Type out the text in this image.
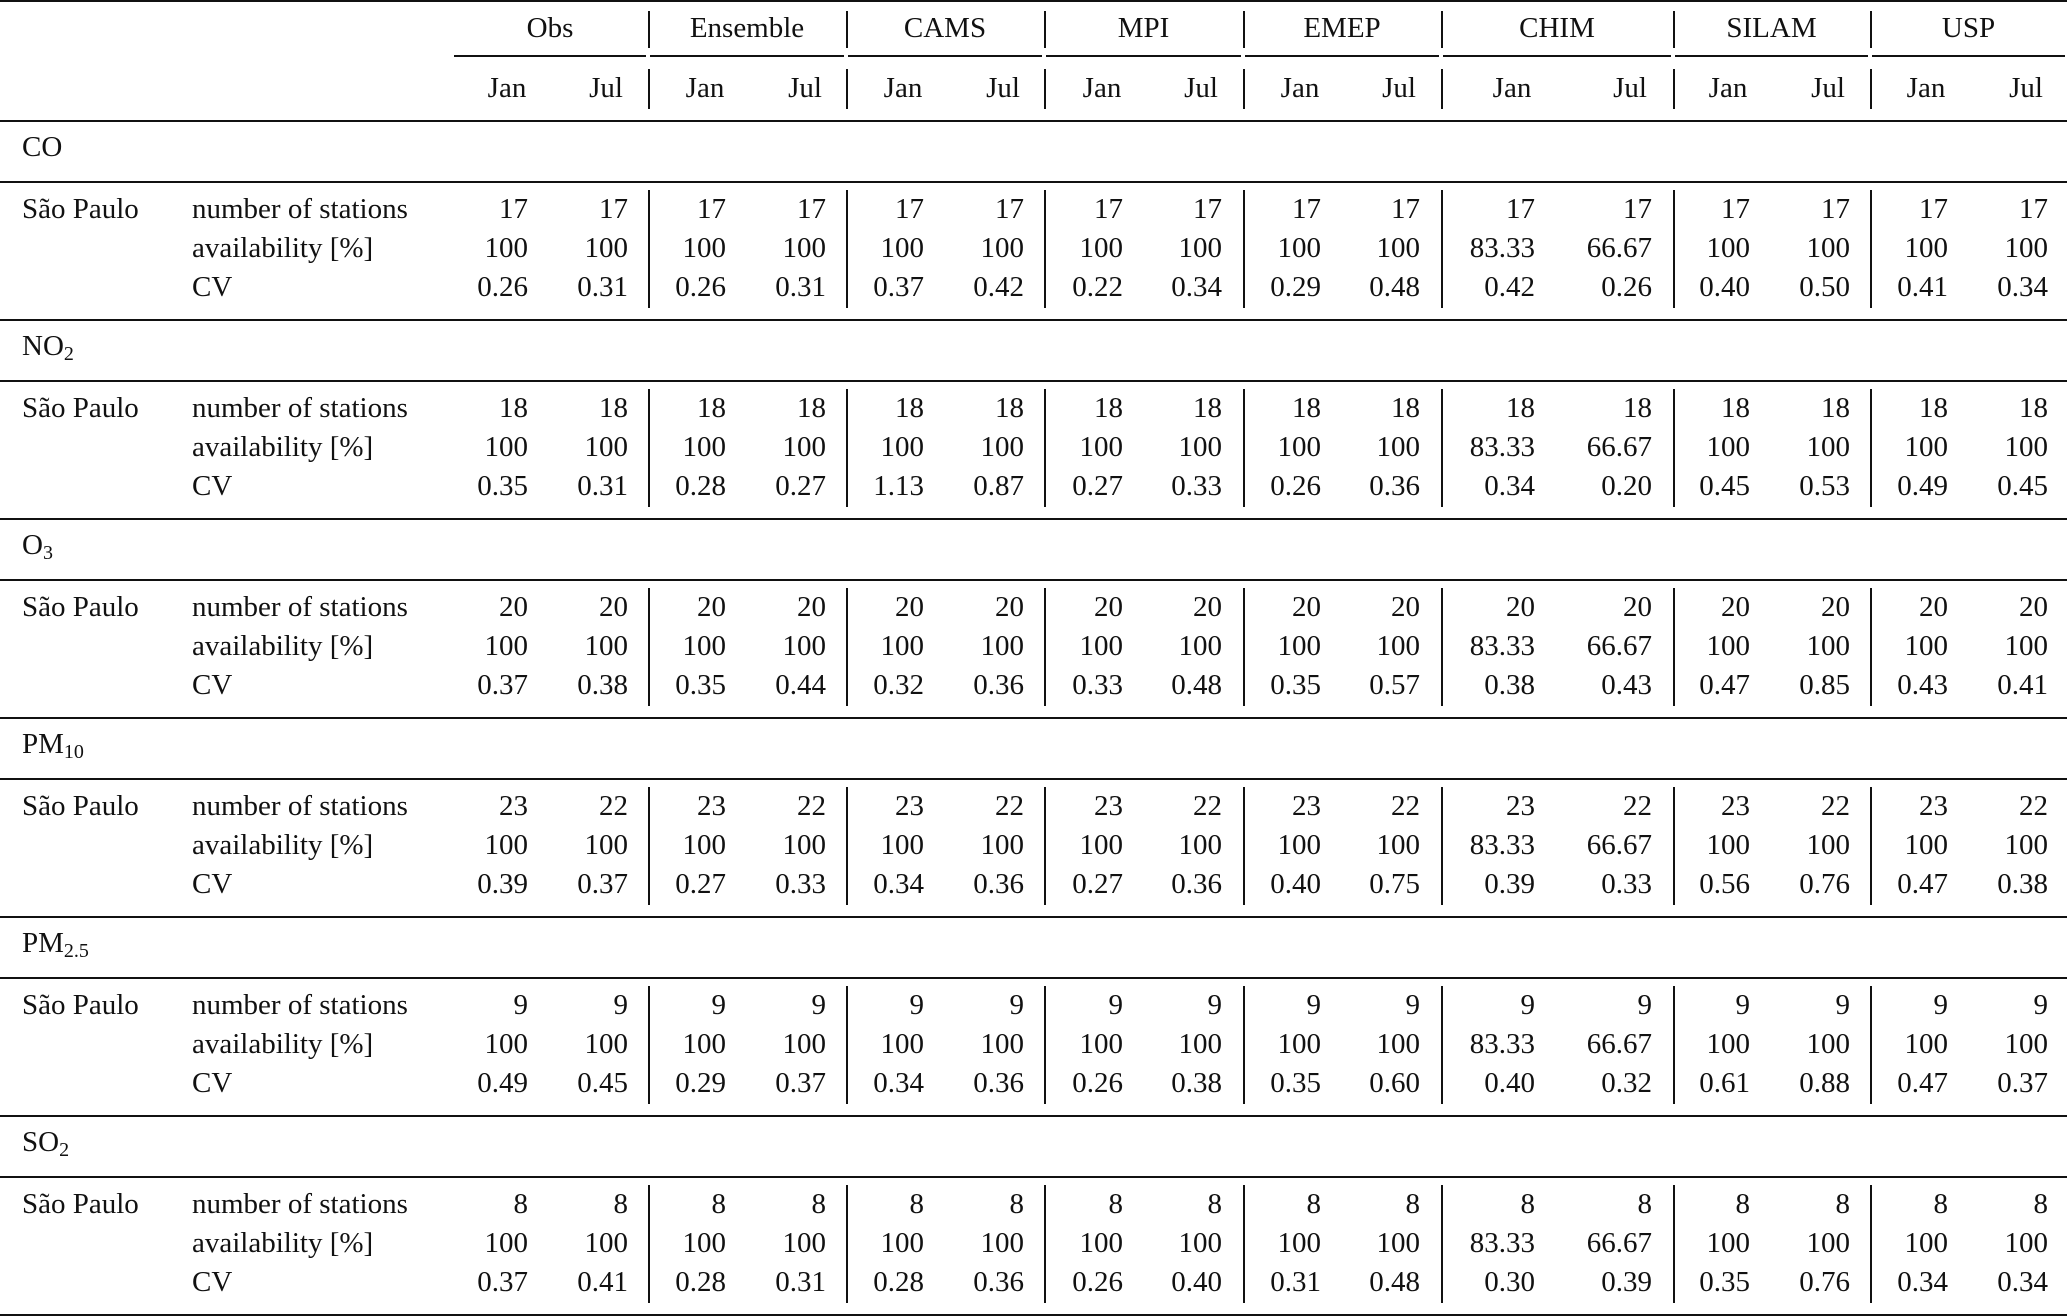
Obs	Ensemble	CAMS	MPI	EMEP	CHIM	SILAM	USP
Jan	Jul	Jan	Jul	Jan	Jul	Jan	Jul	Jan	Jul	Jan	Jul	Jan	Jul	Jan	Jul
CO
São Paulo number of stations	17	17	17	17	17	17	17	17	17	17	17	17	17	17	17	17
availability [%]	100	100	100	100	100	100	100	100	100	100	83.33	66.67	100	100	100	100
CV	0.26	0.31	0.26	0.31	0.37	0.42	0.22	0.34	0.29	0.48	0.42	0.26	0.40	0.50	0.41	0.34
$NO_2$
São Paulo number of stations	18	18	18	18	18	18	18	18	18	18	18	18	18	18	18	18
availability [%]	100	100	100	100	100	100	100	100	100	100	83.33	66.67	100	100	100	100
CV	0.35	0.31	0.28	0.27	1.13	0.87	0.27	0.33	0.26	0.36	0.34	0.20	0.45	0.53	0.49	0.45
$O_3$
São Paulo number of stations	20	20	20	20	20	20	20	20	20	20	20	20	20	20	20	20
availability [%]	100	100	100	100	100	100	100	100	100	100	83.33	66.67	100	100	100	100
CV	0.37	0.38	0.35	0.44	0.32	0.36	0.33	0.48	0.35	0.57	0.38	0.43	0.47	0.85	0.43	0.41
$PM_{10}$
São Paulo number of stations	23	22	23	22	23	22	23	22	23	22	23	22	23	22	23	22
availability [%]	100	100	100	100	100	100	100	100	100	100	83.33	66.67	100	100	100	100
CV	0.39	0.37	0.27	0.33	0.34	0.36	0.27	0.36	0.40	0.75	0.39	0.33	0.56	0.76	0.47	0.38
$PM_{2.5}$
São Paulo number of stations	9	9	9	9	9	9	9	9	9	9	9	9	9	9	9	9
availability [%]	100	100	100	100	100	100	100	100	100	100	83.33	66.67	100	100	100	100
CV	0.49	0.45	0.29	0.37	0.34	0.36	0.26	0.38	0.35	0.60	0.40	0.32	0.61	0.88	0.47	0.37
$SO_2$
São Paulo number of stations	8	8	8	8	8	8	8	8	8	8	8	8	8	8	8	8
availability [%]	100	100	100	100	100	100	100	100	100	100	83.33	66.67	100	100	100	100
CV	0.37	0.41	0.28	0.31	0.28	0.36	0.26	0.40	0.31	0.48	0.30	0.39	0.35	0.76	0.34	0.34
